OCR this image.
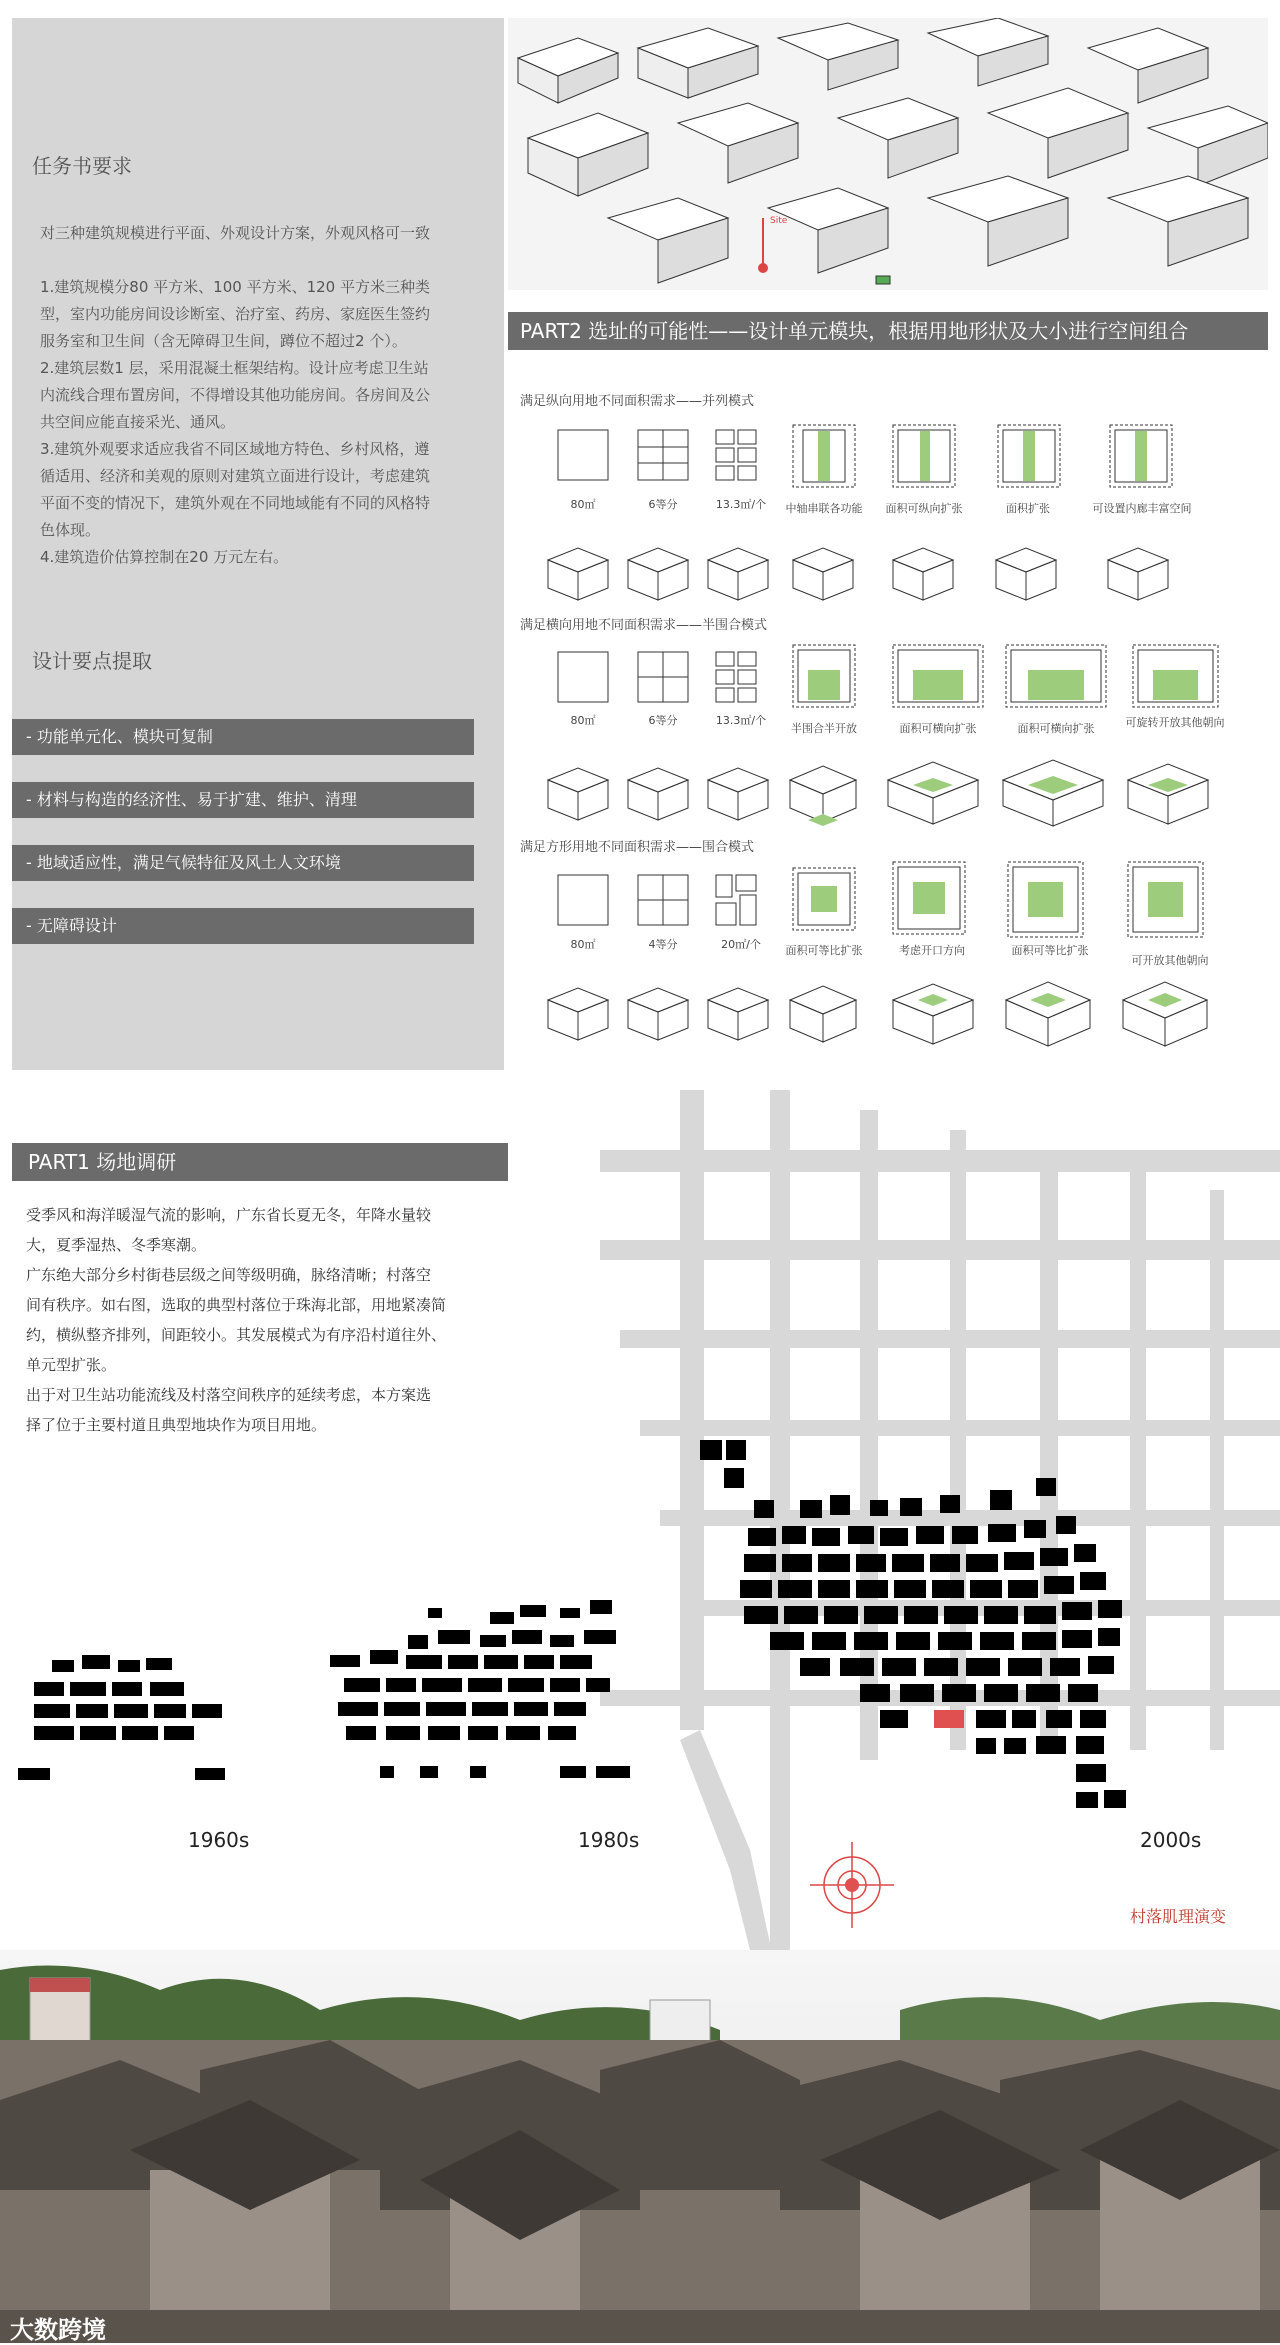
任务书要求

对三种建筑规模进行平面、外观设计方案，外观风格可一致

1.建筑规模分80 平方米、100 平方米、120 平方米三种类

型，室内功能房间设诊断室、治疗室、药房、家庭医生签约

服务室和卫生间（含无障碍卫生间，蹲位不超过2 个）。

2.建筑层数1 层，采用混凝土框架结构。设计应考虑卫生站

内流线合理布置房间，不得增设其他功能房间。各房间及公

共空间应能直接采光、通风。

3.建筑外观要求适应我省不同区域地方特色、乡村风格，遵

循适用、经济和美观的原则对建筑立面进行设计，考虑建筑

平面不变的情况下，建筑外观在不同地域能有不同的风格特

色体现。

4.建筑造价估算控制在20 万元左右。

设计要点提取
- 功能单元化、模块可复制
- 材料与构造的经济性、易于扩建、维护、清理
- 地域适应性，满足气候特征及风土人文环境
- 无障碍设计
Site
PART2 选址的可能性——设计单元模块，根据用地形状及大小进行空间组合
满足纵向用地不同面积需求——并列模式
满足横向用地不同面积需求——半围合模式
满足方形用地不同面积需求——围合模式
80㎡	6等分	13.3㎡/个	中轴串联各功能	面积可纵向扩张	面积扩张	可设置内廊丰富空间
80㎡	6等分	13.3㎡/个
半围合半开放	面积可横向扩张	面积可横向扩张	可旋转开放其他朝向
80㎡	4等分	20㎡/个	面积可等比扩张	考虑开口方向	面积可等比扩张
可开放其他朝向
PART1 场地调研

受季风和海洋暖湿气流的影响，广东省长夏无冬，年降水量较

大，夏季湿热、冬季寒潮。

广东绝大部分乡村街巷层级之间等级明确，脉络清晰；村落空

间有秩序。如右图，选取的典型村落位于珠海北部，用地紧凑简

约，横纵整齐排列，间距较小。其发展模式为有序沿村道往外、

单元型扩张。

出于对卫生站功能流线及村落空间秩序的延续考虑，本方案选

择了位于主要村道且典型地块作为项目用地。

1960s	1980s	2000s
村落肌理演变
大数跨境
